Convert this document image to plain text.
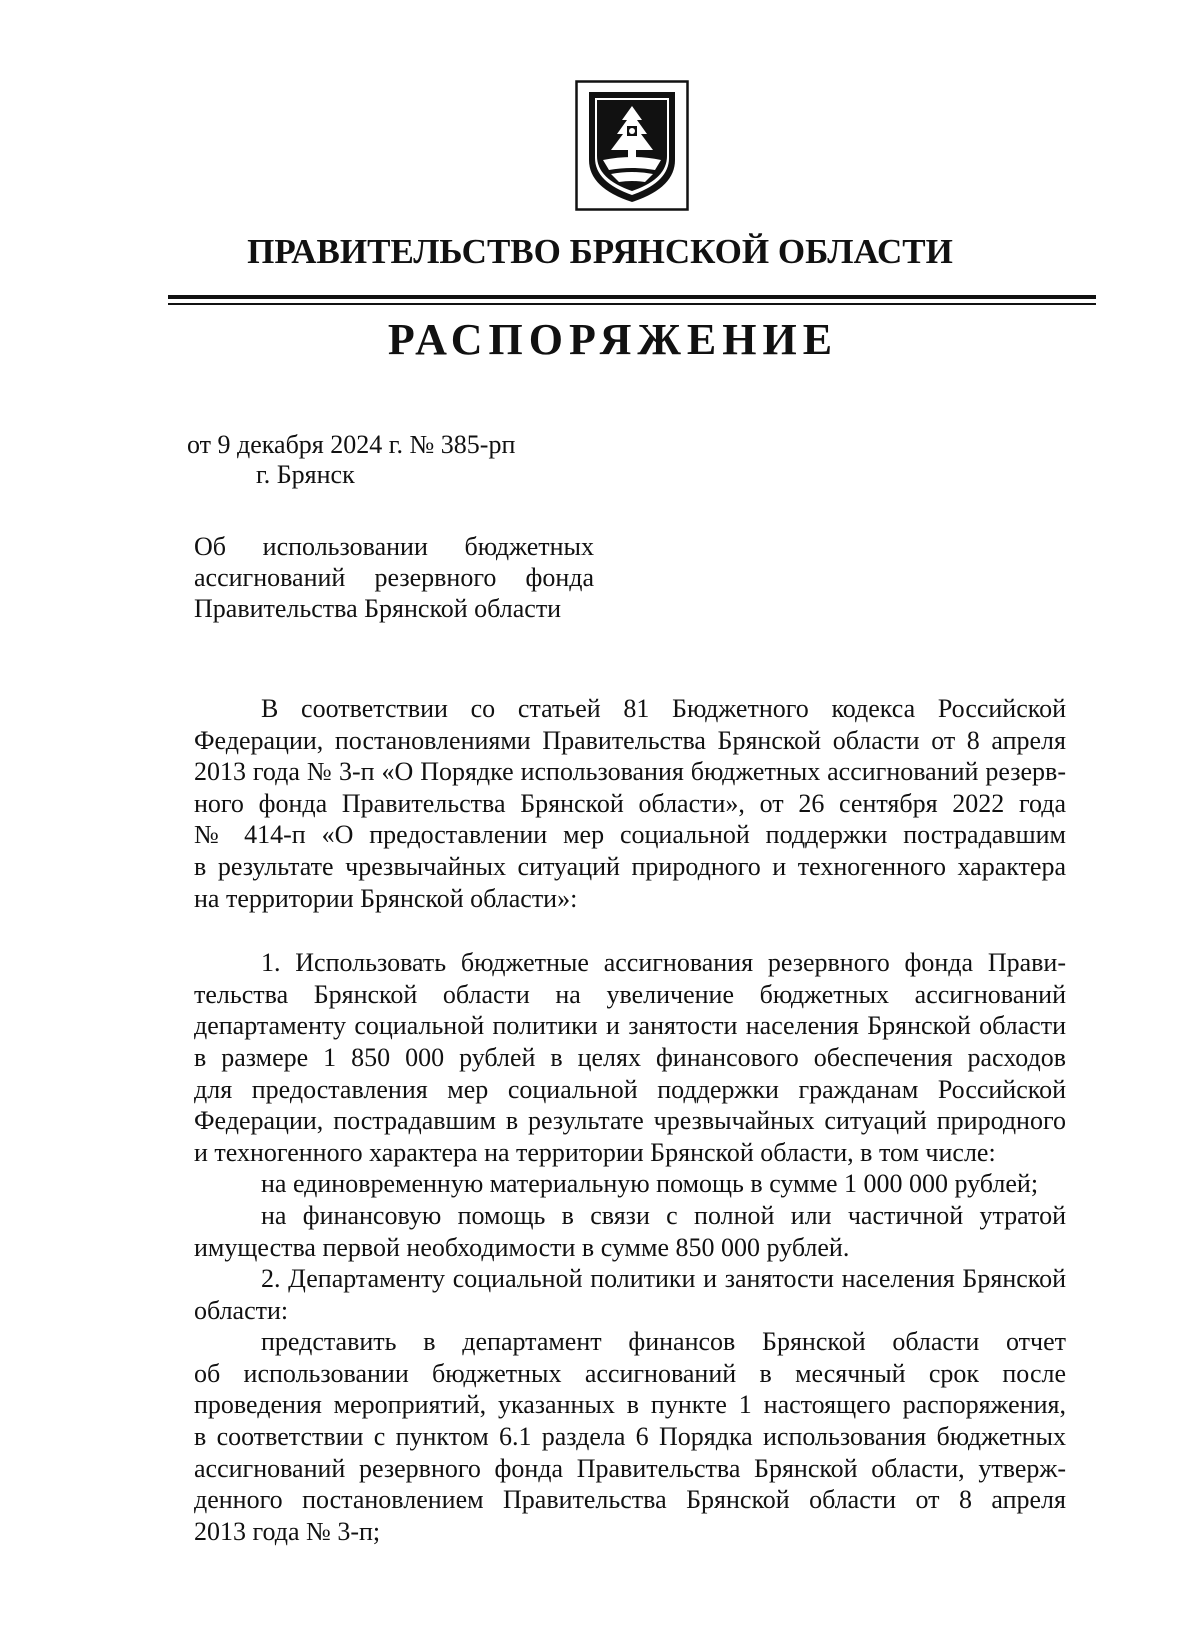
ПРАВИТЕЛЬСТВО БРЯНСКОЙ ОБЛАСТИ
РАСПОРЯЖЕНИЕ
от 9 декабря 2024 г. № 385-рп
г. Брянск
Об использовании бюджетных
ассигнований резервного фонда
Правительства Брянской области
В соответствии со статьей 81 Бюджетного кодекса Российской
Федерации, постановлениями Правительства Брянской области от 8 апреля
2013 года № 3-п «О Порядке использования бюджетных ассигнований резерв-
ного фонда Правительства Брянской области», от 26 сентября 2022 года
№ 414-п «О предоставлении мер социальной поддержки пострадавшим
в результате чрезвычайных ситуаций природного и техногенного характера
на территории Брянской области»:
1. Использовать бюджетные ассигнования резервного фонда Прави-
тельства Брянской области на увеличение бюджетных ассигнований
департаменту социальной политики и занятости населения Брянской области
в размере 1 850 000 рублей в целях финансового обеспечения расходов
для предоставления мер социальной поддержки гражданам Российской
Федерации, пострадавшим в результате чрезвычайных ситуаций природного
и техногенного характера на территории Брянской области, в том числе:
на единовременную материальную помощь в сумме 1 000 000 рублей;
на финансовую помощь в связи с полной или частичной утратой
имущества первой необходимости в сумме 850 000 рублей.
2. Департаменту социальной политики и занятости населения Брянской
области:
представить в департамент финансов Брянской области отчет
об использовании бюджетных ассигнований в месячный срок после
проведения мероприятий, указанных в пункте 1 настоящего распоряжения,
в соответствии с пунктом 6.1 раздела 6 Порядка использования бюджетных
ассигнований резервного фонда Правительства Брянской области, утверж-
денного постановлением Правительства Брянской области от 8 апреля
2013 года № 3-п;
